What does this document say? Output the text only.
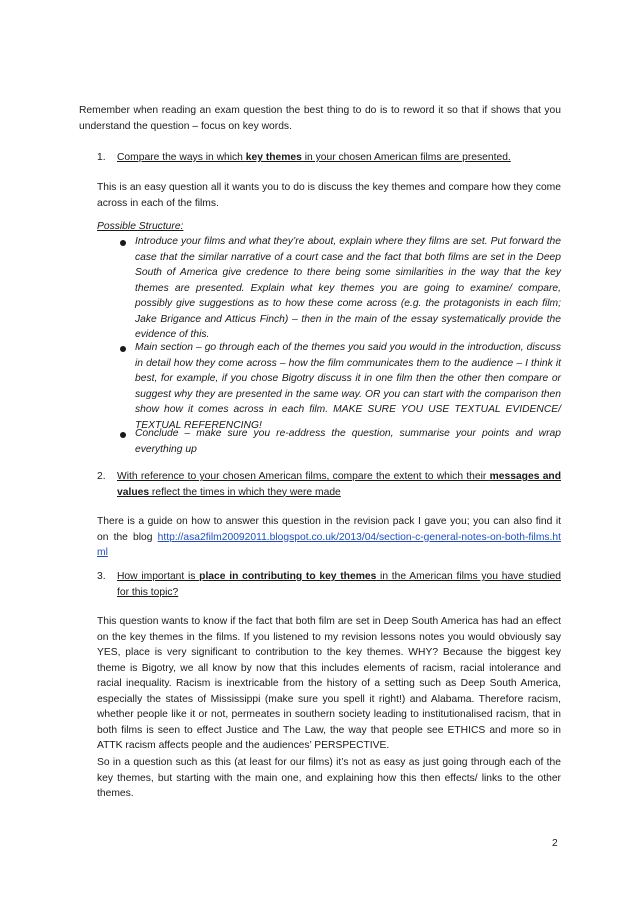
Remember when reading an exam question the best thing to do is to reword it so that if shows that you understand the question – focus on key words.
1. Compare the ways in which key themes in your chosen American films are presented.
This is an easy question all it wants you to do is discuss the key themes and compare how they come across in each of the films.
Possible Structure:
Introduce your films and what they’re about, explain where they films are set. Put forward the case that the similar narrative of a court case and the fact that both films are set in the Deep South of America give credence to there being some similarities in the way that the key themes are presented. Explain what key themes you are going to examine/ compare, possibly give suggestions as to how these come across (e.g. the protagonists in each film; Jake Brigance and Atticus Finch) – then in the main of the essay systematically provide the evidence of this.
Main section – go through each of the themes you said you would in the introduction, discuss in detail how they come across – how the film communicates them to the audience – I think it best, for example, if you chose Bigotry discuss it in one film then the other then compare or suggest why they are presented in the same way. OR you can start with the comparison then show how it comes across in each film. MAKE SURE YOU USE TEXTUAL EVIDENCE/ TEXTUAL REFERENCING!
Conclude – make sure you re-address the question, summarise your points and wrap everything up
2. With reference to your chosen American films, compare the extent to which their messages and values reflect the times in which they were made
There is a guide on how to answer this question in the revision pack I gave you; you can also find it on the blog http://asa2film20092011.blogspot.co.uk/2013/04/section-c-general-notes-on-both-films.html
3. How important is place in contributing to key themes in the American films you have studied for this topic?
This question wants to know if the fact that both film are set in Deep South America has had an effect on the key themes in the films. If you listened to my revision lessons notes you would obviously say YES, place is very significant to contribution to the key themes. WHY? Because the biggest key theme is Bigotry, we all know by now that this includes elements of racism, racial intolerance and racial inequality. Racism is inextricable from the history of a setting such as Deep South America, especially the states of Mississippi (make sure you spell it right!) and Alabama. Therefore racism, whether people like it or not, permeates in southern society leading to institutionalised racism, that in both films is seen to effect Justice and The Law, the way that people see ETHICS and more so in ATTK racism affects people and the audiences’ PERSPECTIVE.
So in a question such as this (at least for our films) it’s not as easy as just going through each of the key themes, but starting with the main one, and explaining how this then effects/ links to the other themes.
2
